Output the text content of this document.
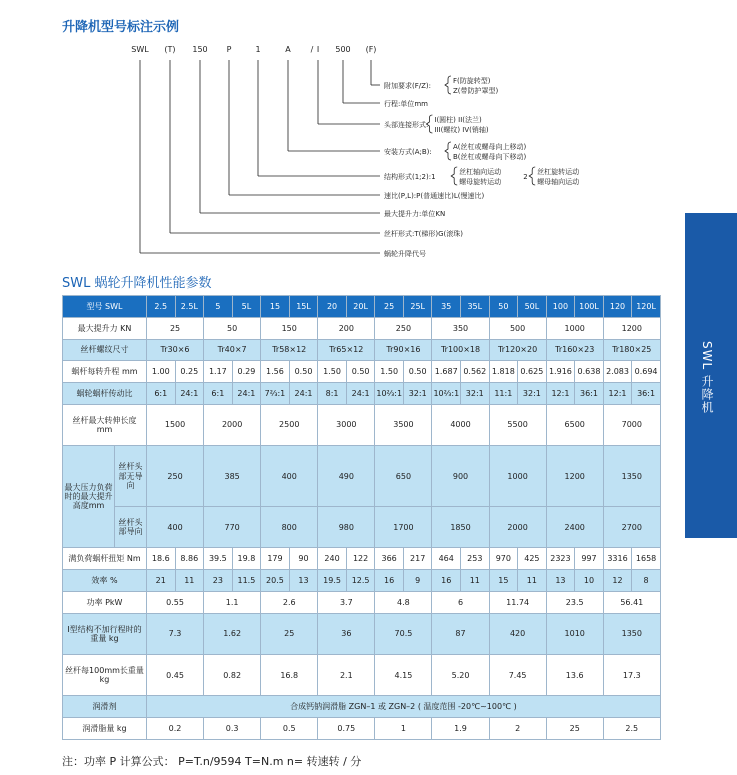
升降机型号标注示例
SWL (T) 150 P	1	A / I 500 (F)
附加要求(F/Z):
F(防旋转型)
Z(带防护罩型)
行程:单位mm
头部连接形式:
I(圆柱) II(法兰)
III(螺纹) IV(销轴)
安装方式(A;B):
A(丝杠或螺母向上移动)
B(丝杠或螺母向下移动)
结构形式(1;2):1
丝杠轴向运动
螺母旋转运动
2
丝杠旋转运动
螺母轴向运动
速比(P,L):P(普通速比)L(慢速比)
最大提升力:单位KN
丝杆形式:T(梯形)G(滚珠)
蜗轮升降代号
SWL 蜗轮升降机性能参数
型号 SWL		2.5	2.5L	5	5L	15	15L	20	20L	25	25L	35	35L	50	50L	100	100L	120	120L
最大提升力 KN		25		50		150		200		250		350		500		1000		1200	
丝杆螺纹尺寸		Tr30×6		Tr40×7		Tr58×12		Tr65×12		Tr90×16		Tr100×18		Tr120×20		Tr160×23		Tr180×25	
蜗杆每转升程 mm		1.00	0.25	1.17	0.29	1.56	0.50	1.50	0.50	1.50	0.50	1.687	0.562	1.818	0.625	1.916	0.638	2.083	0.694
蜗轮蜗杆传动比		6:1	24:1	6:1	24:1	7⅔:1	24:1	8:1	24:1	10⅔:1	32:1	10⅔:1	32:1	11:1	32:1	12:1	36:1	12:1	36:1
丝杆最大转伸长度 mm		1500		2000		2500		3000		3500		4000		5500		6500		7000	
最大压力负荷时的最大提升高度mm	丝杆头部无导向	250		385		400		490		650		900		1000		1200		1350	
	丝杆头部导向	400		770		800		980		1700		1850		2000		2400		2700	
满负荷蜗杆扭矩 Nm		18.6	8.86	39.5	19.8	179	90	240	122	366	217	464	253	970	425	2323	997	3316	1658
效率 %		21	11	23	11.5	20.5	13	19.5	12.5	16	9	16	11	15	11	13	10	12	8
功率 PkW		0.55		1.1		2.6		3.7		4.8		6		11.74		23.5		56.41	
I型结构不加行程时的重量 kg		7.3		1.62		25		36		70.5		87		420		1010		1350	
丝杆每100mm长重量 kg		0.45		0.82		16.8		2.1		4.15		5.20		7.45		13.6		17.3	
润滑剂		合成钙钠润滑脂 ZGN–1 或 ZGN–2 ( 温度范围 -20℃~100℃ )																	
润滑脂量 kg		0.2		0.3		0.5		0.75		1		1.9		2		25		2.5	
SWL 升降机
注：功率 P 计算公式： P=T.n/9594 T=N.m n= 转速转 / 分
